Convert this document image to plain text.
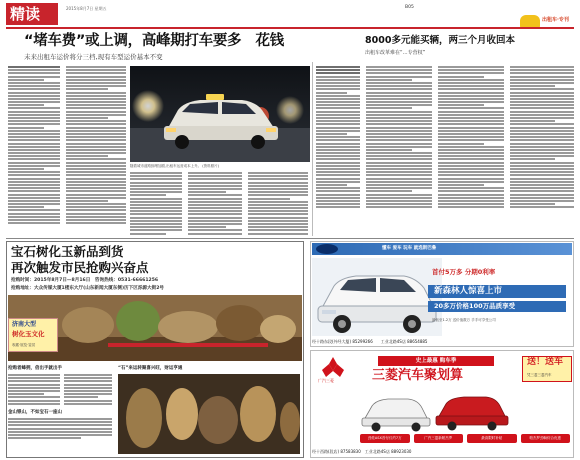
精读	2015年8月7日 星期五	B05
出租车·专刊
“堵车费”或上调，高峰期打车要多　花钱
未来出租车运价将分三档,现有车型运价基本不变
8000多元能买辆，两三个月收回本
出租车改革难在“…专营权”
随着城市道路拥堵加剧,出租车运营成本上升。 (资料照片)
宝石树化玉新品到货
再次触发市民抢购兴奋点
抢购时间：2015年8月7日—8月16日　咨询热线：0531-66661256
抢购地址：大众传媒大厦1楼东大厅(山东新闻大厦东侧)历下区泺源大街2号
济南大型
树化玉文化
收藏·展览·鉴赏
抢购者蜂拥，倍出手就出手	“石”来运转聚喜兴旺，财运亨通
金山银山，不如宝石一座山
懂车 爱车 玩车 就选斯巴鲁
首付5万多 分期0利率
新森林人惊喜上市
20多万价格100万品质享受
最低至1.2万 送价值数万 手手可享受公司
经十路东段(外经大厦) 85299266　　工业北路4S店 88654885
广汽三菱
史上最惠 购车季
三菱汽车聚划算
送！送车
凭三菱三菱汽车
劲炫ASX首付仅约7万	广汽三菱新帕杰罗	最高限时补贴	帕杰罗劲畅综合优惠
经十西路(段店) 87583830　工业北路4S店 88923030
